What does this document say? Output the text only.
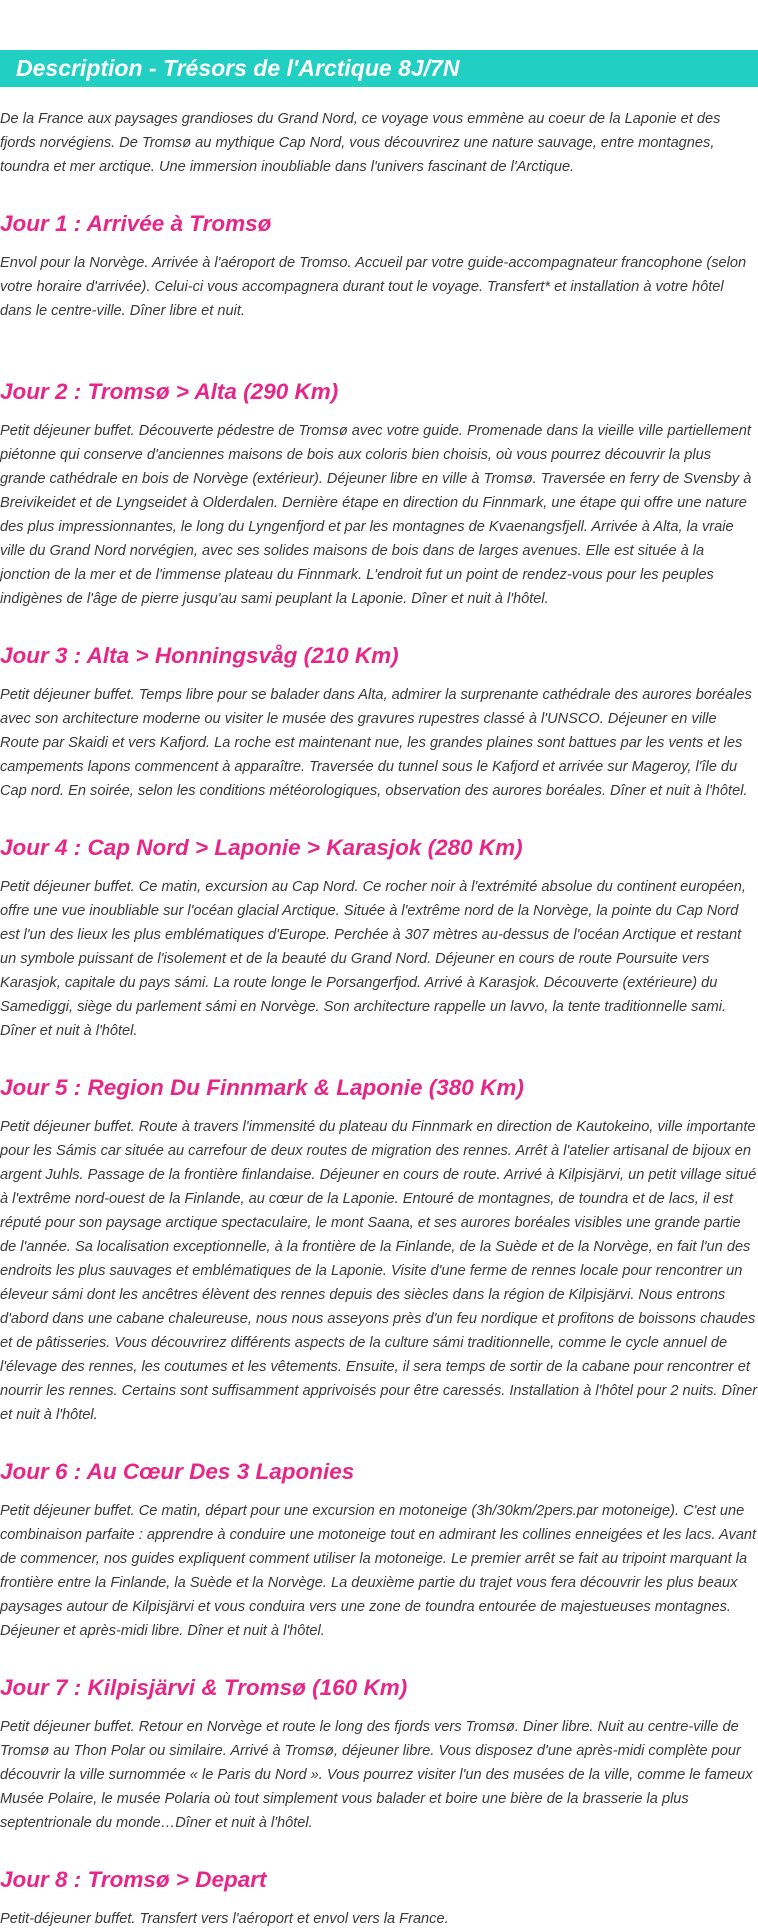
Description - Trésors de l'Arctique 8J/7N

De la France aux paysages grandioses du Grand Nord, ce voyage vous emmène au coeur de la Laponie et des fjords norvégiens. De Tromsø au mythique Cap Nord, vous découvrirez une nature sauvage, entre montagnes, toundra et mer arctique. Une immersion inoubliable dans l'univers fascinant de l'Arctique.

Jour 1 : Arrivée à Tromsø

Envol pour la Norvège. Arrivée à l'aéroport de Tromso. Accueil par votre guide-accompagnateur francophone (selon votre horaire d'arrivée). Celui-ci vous accompagnera durant tout le voyage. Transfert* et installation à votre hôtel dans le centre-ville. Dîner libre et nuit.

Jour 2 : Tromsø > Alta (290 Km)

Petit déjeuner buffet. Découverte pédestre de Tromsø avec votre guide. Promenade dans la vieille ville partiellement piétonne qui conserve d'anciennes maisons de bois aux coloris bien choisis, où vous pourrez découvrir la plus grande cathédrale en bois de Norvège (extérieur). Déjeuner libre en ville à Tromsø. Traversée en ferry de Svensby à Breivikeidet et de Lyngseidet à Olderdalen. Dernière étape en direction du Finnmark, une étape qui offre une nature des plus impressionnantes, le long du Lyngenfjord et par les montagnes de Kvaenangsfjell. Arrivée à Alta, la vraie ville du Grand Nord norvégien, avec ses solides maisons de bois dans de larges avenues. Elle est située à la jonction de la mer et de l'immense plateau du Finnmark. L'endroit fut un point de rendez-vous pour les peuples indigènes de l'âge de pierre jusqu'au sami peuplant la Laponie. Dîner et nuit à l'hôtel.

Jour 3 : Alta > Honningsvåg (210 Km)

Petit déjeuner buffet. Temps libre pour se balader dans Alta, admirer la surprenante cathédrale des aurores boréales avec son architecture moderne ou visiter le musée des gravures rupestres classé à l'UNSCO. Déjeuner en ville Route par Skaidi et vers Kafjord. La roche est maintenant nue, les grandes plaines sont battues par les vents et les campements lapons commencent à apparaître. Traversée du tunnel sous le Kafjord et arrivée sur Mageroy, l'île du Cap nord. En soirée, selon les conditions météorologiques, observation des aurores boréales. Dîner et nuit à l'hôtel.

Jour 4 : Cap Nord > Laponie > Karasjok (280 Km)

Petit déjeuner buffet. Ce matin, excursion au Cap Nord. Ce rocher noir à l'extrémité absolue du continent européen, offre une vue inoubliable sur l'océan glacial Arctique. Située à l'extrême nord de la Norvège, la pointe du Cap Nord est l'un des lieux les plus emblématiques d'Europe. Perchée à 307 mètres au-dessus de l'océan Arctique et restant un symbole puissant de l'isolement et de la beauté du Grand Nord. Déjeuner en cours de route Poursuite vers Karasjok, capitale du pays sámi. La route longe le Porsangerfjod. Arrivé à Karasjok. Découverte (extérieure) du Samediggi, siège du parlement sámi en Norvège. Son architecture rappelle un lavvo, la tente traditionnelle sami. Dîner et nuit à l'hôtel.

Jour 5 : Region Du Finnmark & Laponie (380 Km)

Petit déjeuner buffet. Route à travers l'immensité du plateau du Finnmark en direction de Kautokeino, ville importante pour les Sámis car située au carrefour de deux routes de migration des rennes. Arrêt à l'atelier artisanal de bijoux en argent Juhls. Passage de la frontière finlandaise. Déjeuner en cours de route. Arrivé à Kilpisjärvi, un petit village situé à l'extrême nord-ouest de la Finlande, au cœur de la Laponie. Entouré de montagnes, de toundra et de lacs, il est réputé pour son paysage arctique spectaculaire, le mont Saana, et ses aurores boréales visibles une grande partie de l'année. Sa localisation exceptionnelle, à la frontière de la Finlande, de la Suède et de la Norvège, en fait l'un des endroits les plus sauvages et emblématiques de la Laponie. Visite d'une ferme de rennes locale pour rencontrer un éleveur sámi dont les ancêtres élèvent des rennes depuis des siècles dans la région de Kilpisjärvi. Nous entrons d'abord dans une cabane chaleureuse, nous nous asseyons près d'un feu nordique et profitons de boissons chaudes et de pâtisseries. Vous découvrirez différents aspects de la culture sámi traditionnelle, comme le cycle annuel de l'élevage des rennes, les coutumes et les vêtements. Ensuite, il sera temps de sortir de la cabane pour rencontrer et nourrir les rennes. Certains sont suffisamment apprivoisés pour être caressés. Installation à l'hôtel pour 2 nuits. Dîner et nuit à l'hôtel.

Jour 6 : Au Cœur Des 3 Laponies

Petit déjeuner buffet. Ce matin, départ pour une excursion en motoneige (3h/30km/2pers.par motoneige). C'est une combinaison parfaite : apprendre à conduire une motoneige tout en admirant les collines enneigées et les lacs. Avant de commencer, nos guides expliquent comment utiliser la motoneige. Le premier arrêt se fait au tripoint marquant la frontière entre la Finlande, la Suède et la Norvège. La deuxième partie du trajet vous fera découvrir les plus beaux paysages autour de Kilpisjärvi et vous conduira vers une zone de toundra entourée de majestueuses montagnes. Déjeuner et après-midi libre. Dîner et nuit à l'hôtel.

Jour 7 : Kilpisjärvi & Tromsø (160 Km)

Petit déjeuner buffet. Retour en Norvège et route le long des fjords vers Tromsø. Diner libre. Nuit au centre-ville de Tromsø au Thon Polar ou similaire. Arrivé à Tromsø, déjeuner libre. Vous disposez d'une après-midi complète pour découvrir la ville surnommée « le Paris du Nord ». Vous pourrez visiter l'un des musées de la ville, comme le fameux Musée Polaire, le musée Polaria où tout simplement vous balader et boire une bière de la brasserie la plus septentrionale du monde…Dîner et nuit à l'hôtel.

Jour 8 : Tromsø > Depart

Petit-déjeuner buffet. Transfert vers l'aéroport et envol vers la France.
